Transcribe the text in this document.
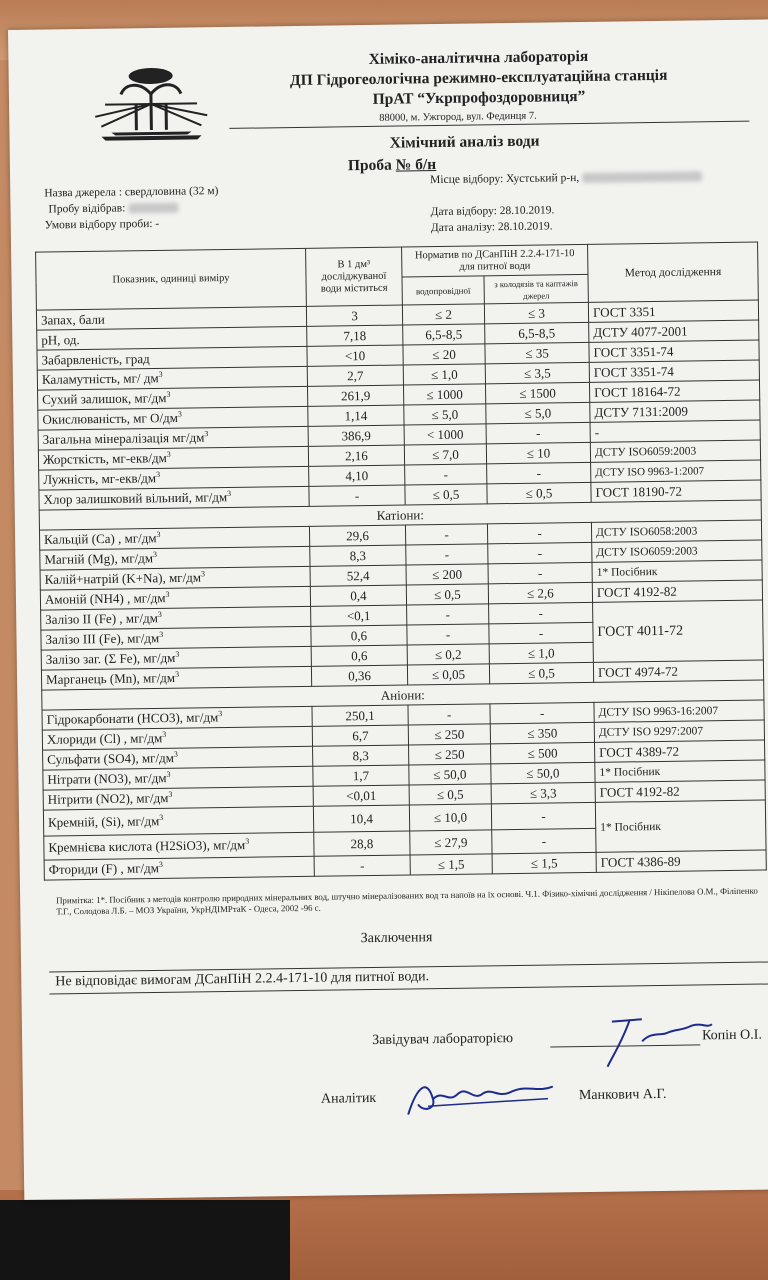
Хіміко-аналітична лабораторія
ДП Гідрогеологічна режимно-експлуатаційна станція
ПрАТ “Укрпрофоздоровниця”
88000, м. Ужгород, вул. Фединця 7.
Хімічний аналіз води
Проба № б/н
Назва джерела : свердловина (32 м)
Пробу відібрав:
Умови відбору проби: -
Місце відбору: Хустський р-н,
Дата відбору: 28.10.2019.
Дата аналізу: 28.10.2019.
Показник, одиниці виміру	В 1 дм³ досліджуваної води міститься	Норматив по ДСанПіН 2.2.4-171-10 для питної води		Метод дослідження
		водопровідної	з колодязів та каптажів джерел	
Запах, бали	3	≤ 2	≤ 3	ГОСТ 3351
pH, од.	7,18	6,5-8,5	6,5-8,5	ДСТУ 4077-2001
Забарвленість, град	<10	≤ 20	≤ 35	ГОСТ 3351-74
Каламутність, мг/ $дм^3$	2,7	≤ 1,0	≤ 3,5	ГОСТ 3351-74
Сухий залишок, $мг/дм^3$	261,9	≤ 1000	≤ 1500	ГОСТ 18164-72
Окислюваність, мг $О/дм^3$	1,14	≤ 5,0	≤ 5,0	ДСТУ 7131:2009
Загальна мінералізація $мг/дм^3$	386,9	< 1000	-	-
Жорсткість, $мг-екв/дм^3$	2,16	≤ 7,0	≤ 10	ДСТУ ISO6059:2003
Лужність, $мг-екв/дм^3$	4,10	-	-	ДСТУ ISO 9963-1:2007
Хлор залишковий вільний, $мг/дм^3$	-	≤ 0,5	≤ 0,5	ГОСТ 18190-72
Катіони:				
Кальцій (Ca) , $мг/дм^3$	29,6	-	-	ДСТУ ISO6058:2003
Магній (Mg), $мг/дм^3$	8,3	-	-	ДСТУ ISO6059:2003
Калій+натрій (K+Na), $мг/дм^3$	52,4	≤ 200	-	1* Посібник
Амоній (NH4) , $мг/дм^3$	0,4	≤ 0,5	≤ 2,6	ГОСТ 4192-82
Залізо II (Fe) , $мг/дм^3$	<0,1	-	-	ГОСТ 4011-72
Залізо III (Fe), $мг/дм^3$	0,6	-	-	
Залізо заг. (Σ Fe), $мг/дм^3$	0,6	≤ 0,2	≤ 1,0	
Марганець (Mn), $мг/дм^3$	0,36	≤ 0,05	≤ 0,5	ГОСТ 4974-72
Аніони:				
Гідрокарбонати (HCO3), $мг/дм^3$	250,1	-	-	ДСТУ ISO 9963-16:2007
Хлориди (Cl) , $мг/дм^3$	6,7	≤ 250	≤ 350	ДСТУ ISO 9297:2007
Сульфати (SO4), $мг/дм^3$	8,3	≤ 250	≤ 500	ГОСТ 4389-72
Нітрати (NO3), $мг/дм^3$	1,7	≤ 50,0	≤ 50,0	1* Посібник
Нітрити (NO2), $мг/дм^3$	<0,01	≤ 0,5	≤ 3,3	ГОСТ 4192-82
Кремній, (Si), $мг/дм^3$	10,4	≤ 10,0	-	1* Посібник
Кремнієва кислота (H2SiO3), $мг/дм^3$	28,8	≤ 27,9	-	
Фториди (F) , $мг/дм^3$	-	≤ 1,5	≤ 1,5	ГОСТ 4386-89
Примітка: 1*. Посібник з методів контролю природних мінеральних вод, штучно мінералізованих вод та напоїв на їх основі. Ч.1. Фізико-хімічні дослідження / Нікіпелова О.М., Філіпенко Т.Г., Солодова Л.Б. – МОЗ України, УкрНДІМРтаК - Одеса, 2002 -96 с.
Заключення
Не відповідає вимогам ДСанПіН 2.2.4-171-10 для питної води.
Завідувач лабораторією	Копін О.І.
Аналітик	Манкович А.Г.
